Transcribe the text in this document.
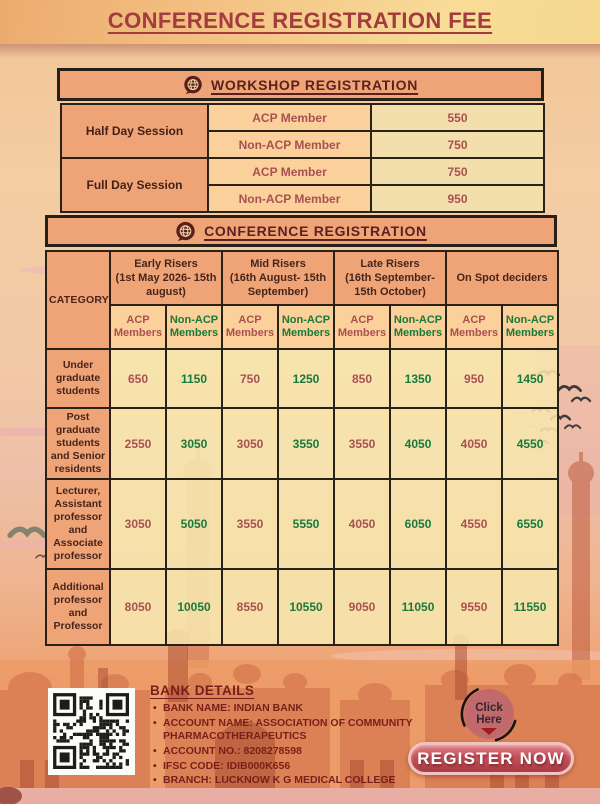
CONFERENCE REGISTRATION FEE
WORKSHOP REGISTRATION
Half Day Session	ACP Member	550
	Non-ACP Member	750
Full Day Session	ACP Member	750
	Non-ACP Member	950
CONFERENCE REGISTRATION
CATEGORY	
Early Risers
(1st May 2026- 15th august)

Mid Risers
(16th August- 15th September)

Late Risers
(16th September- 15th October)

On Spot deciders

	ACP Members	Non-ACP Members	ACP Members	Non-ACP Members	ACP Members	Non-ACP Members	ACP Members	Non-ACP Members
Under graduate students	650	1150	750	1250	850	1350	950	1450
Post graduate students and Senior residents	2550	3050	3050	3550	3550	4050	4050	4550
Lecturer, Assistant professor and Associate professor	3050	5050	3550	5550	4050	6050	4550	6550
Additional professor and Professor	8050	10050	8550	10550	9050	11050	9550	11550
BANK DETAILS
• BANK NAME: INDIAN BANK
• ACCOUNT NAME: ASSOCIATION OF COMMUNITY PHARMACOTHERAPEUTICS
• ACCOUNT NO.: 8208278598
• IFSC CODE: IDIB000K656
• BRANCH: LUCKNOW K G MEDICAL COLLEGE
Click
Here
REGISTER NOW
